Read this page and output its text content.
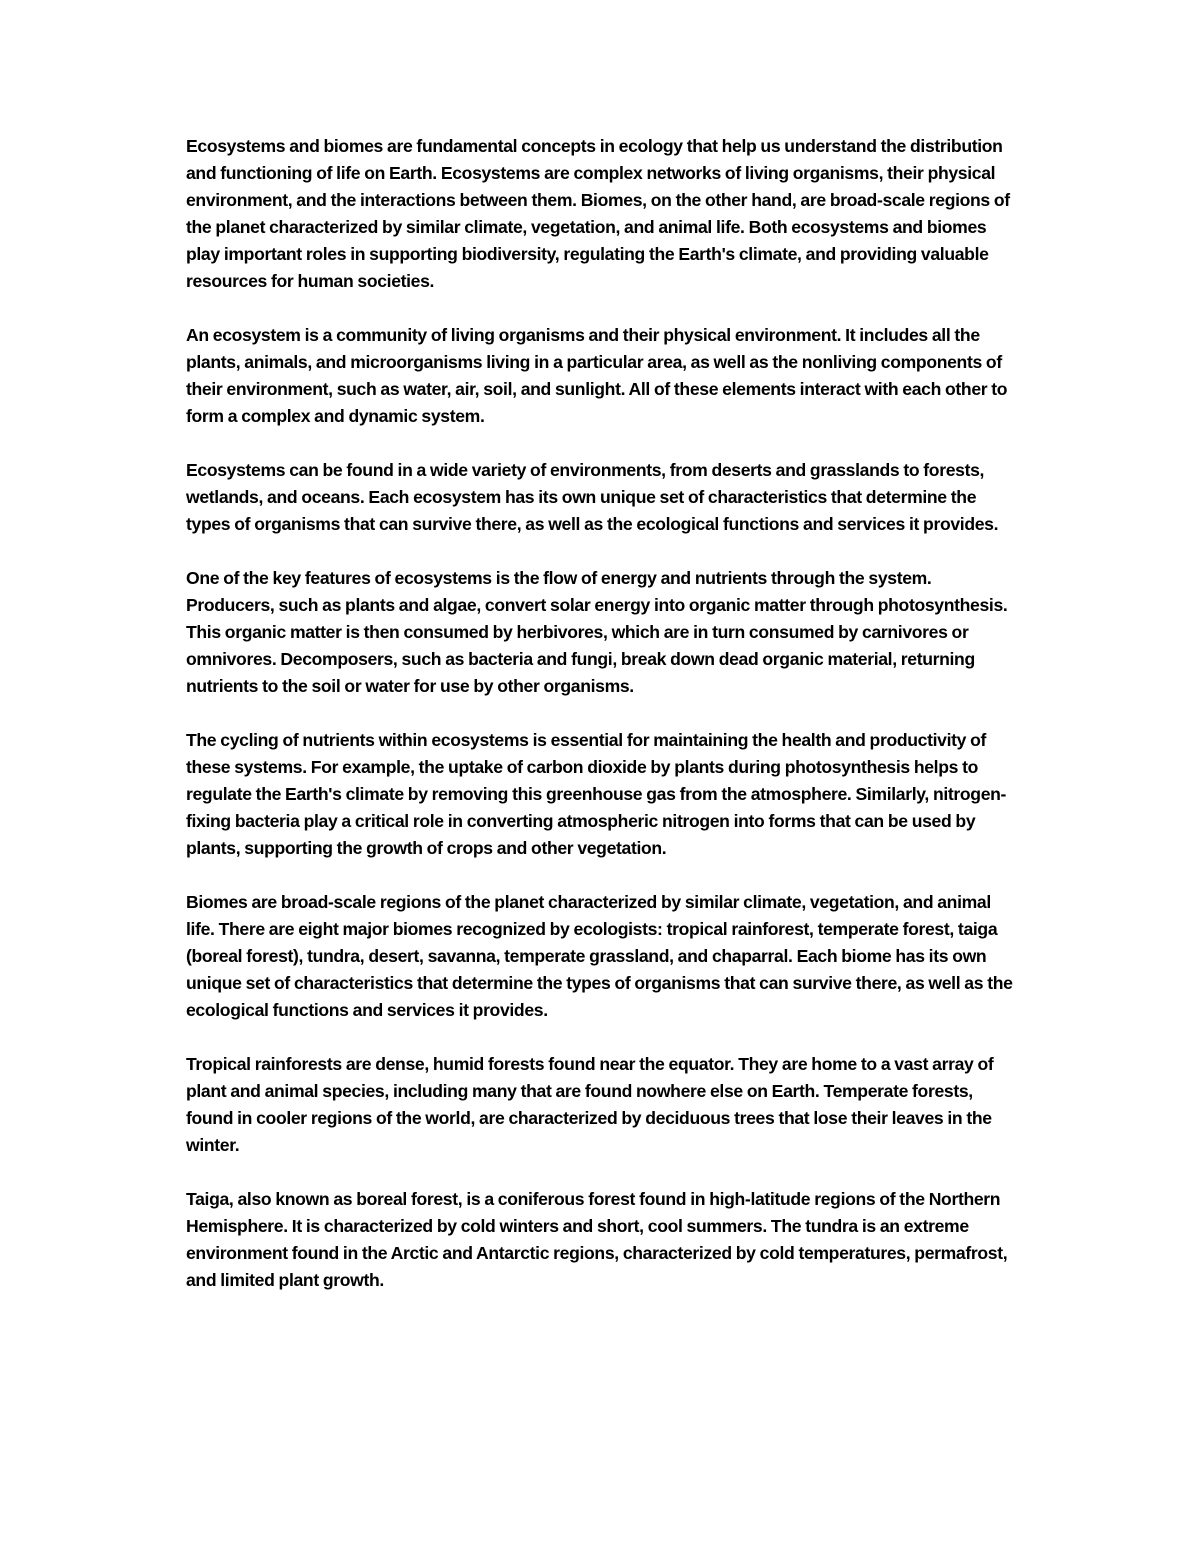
Ecosystems and biomes are fundamental concepts in ecology that help us understand the distribution and functioning of life on Earth. Ecosystems are complex networks of living organisms, their physical environment, and the interactions between them. Biomes, on the other hand, are broad-scale regions of the planet characterized by similar climate, vegetation, and animal life. Both ecosystems and biomes play important roles in supporting biodiversity, regulating the Earth's climate, and providing valuable resources for human societies.

An ecosystem is a community of living organisms and their physical environment. It includes all the plants, animals, and microorganisms living in a particular area, as well as the nonliving components of their environment, such as water, air, soil, and sunlight. All of these elements interact with each other to form a complex and dynamic system.

Ecosystems can be found in a wide variety of environments, from deserts and grasslands to forests, wetlands, and oceans. Each ecosystem has its own unique set of characteristics that determine the types of organisms that can survive there, as well as the ecological functions and services it provides.

One of the key features of ecosystems is the flow of energy and nutrients through the system. Producers, such as plants and algae, convert solar energy into organic matter through photosynthesis. This organic matter is then consumed by herbivores, which are in turn consumed by carnivores or omnivores. Decomposers, such as bacteria and fungi, break down dead organic material, returning nutrients to the soil or water for use by other organisms.

The cycling of nutrients within ecosystems is essential for maintaining the health and productivity of these systems. For example, the uptake of carbon dioxide by plants during photosynthesis helps to regulate the Earth's climate by removing this greenhouse gas from the atmosphere. Similarly, nitrogen-fixing bacteria play a critical role in converting atmospheric nitrogen into forms that can be used by plants, supporting the growth of crops and other vegetation.

Biomes are broad-scale regions of the planet characterized by similar climate, vegetation, and animal life. There are eight major biomes recognized by ecologists: tropical rainforest, temperate forest, taiga (boreal forest), tundra, desert, savanna, temperate grassland, and chaparral. Each biome has its own unique set of characteristics that determine the types of organisms that can survive there, as well as the ecological functions and services it provides.

Tropical rainforests are dense, humid forests found near the equator. They are home to a vast array of plant and animal species, including many that are found nowhere else on Earth. Temperate forests, found in cooler regions of the world, are characterized by deciduous trees that lose their leaves in the winter.

Taiga, also known as boreal forest, is a coniferous forest found in high-latitude regions of the Northern Hemisphere. It is characterized by cold winters and short, cool summers. The tundra is an extreme environment found in the Arctic and Antarctic regions, characterized by cold temperatures, permafrost, and limited plant growth.
